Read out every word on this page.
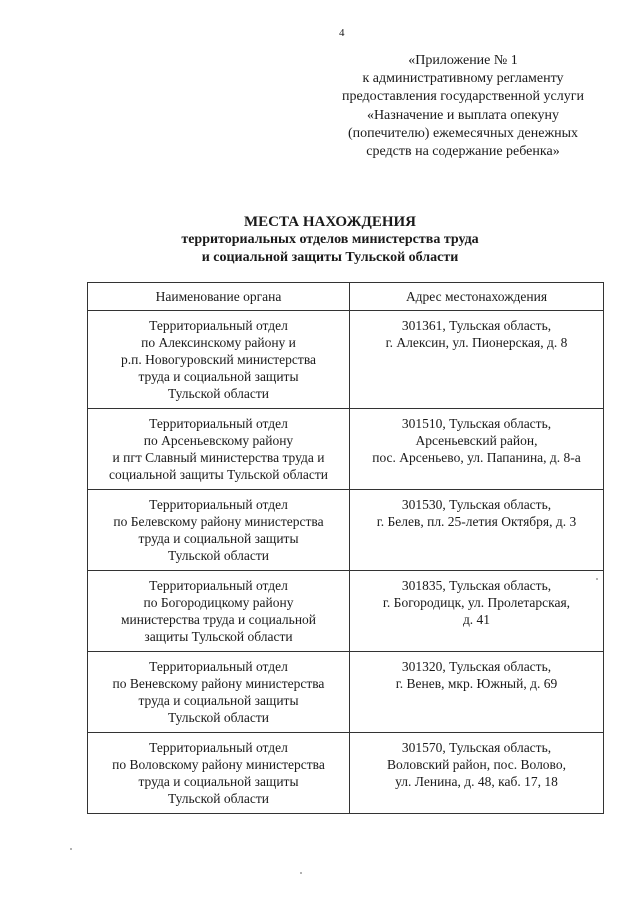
4
«Приложение № 1
к административному регламенту
предоставления государственной услуги
«Назначение и выплата опекуну
(попечителю) ежемесячных денежных
средств на содержание ребенка»
МЕСТА НАХОЖДЕНИЯ
территориальных отделов министерства труда
и социальной защиты Тульской области
Наименование органа	Адрес местонахождения

Территориальный отдел
по Алексинскому району и
р.п. Новогуровский министерства
труда и социальной защиты
Тульской области	301361, Тульская область,
г. Алексин, ул. Пионерская, д. 8

Территориальный отдел
по Арсеньевскому району
и пгт Славный министерства труда и
социальной защиты Тульской области	301510, Тульская область,
Арсеньевский район,
пос. Арсеньево, ул. Папанина, д. 8-а

Территориальный отдел
по Белевскому району министерства
труда и социальной защиты
Тульской области	301530, Тульская область,
г. Белев, пл. 25-летия Октября, д. 3

Территориальный отдел
по Богородицкому району
министерства труда и социальной
защиты Тульской области	301835, Тульская область,
г. Богородицк, ул. Пролетарская,
д. 41

Территориальный отдел
по Веневскому району министерства
труда и социальной защиты
Тульской области	301320, Тульская область,
г. Венев, мкр. Южный, д. 69

Территориальный отдел
по Воловскому району министерства
труда и социальной защиты
Тульской области	301570, Тульская область,
Воловский район, пос. Волово,
ул. Ленина, д. 48, каб. 17, 18
